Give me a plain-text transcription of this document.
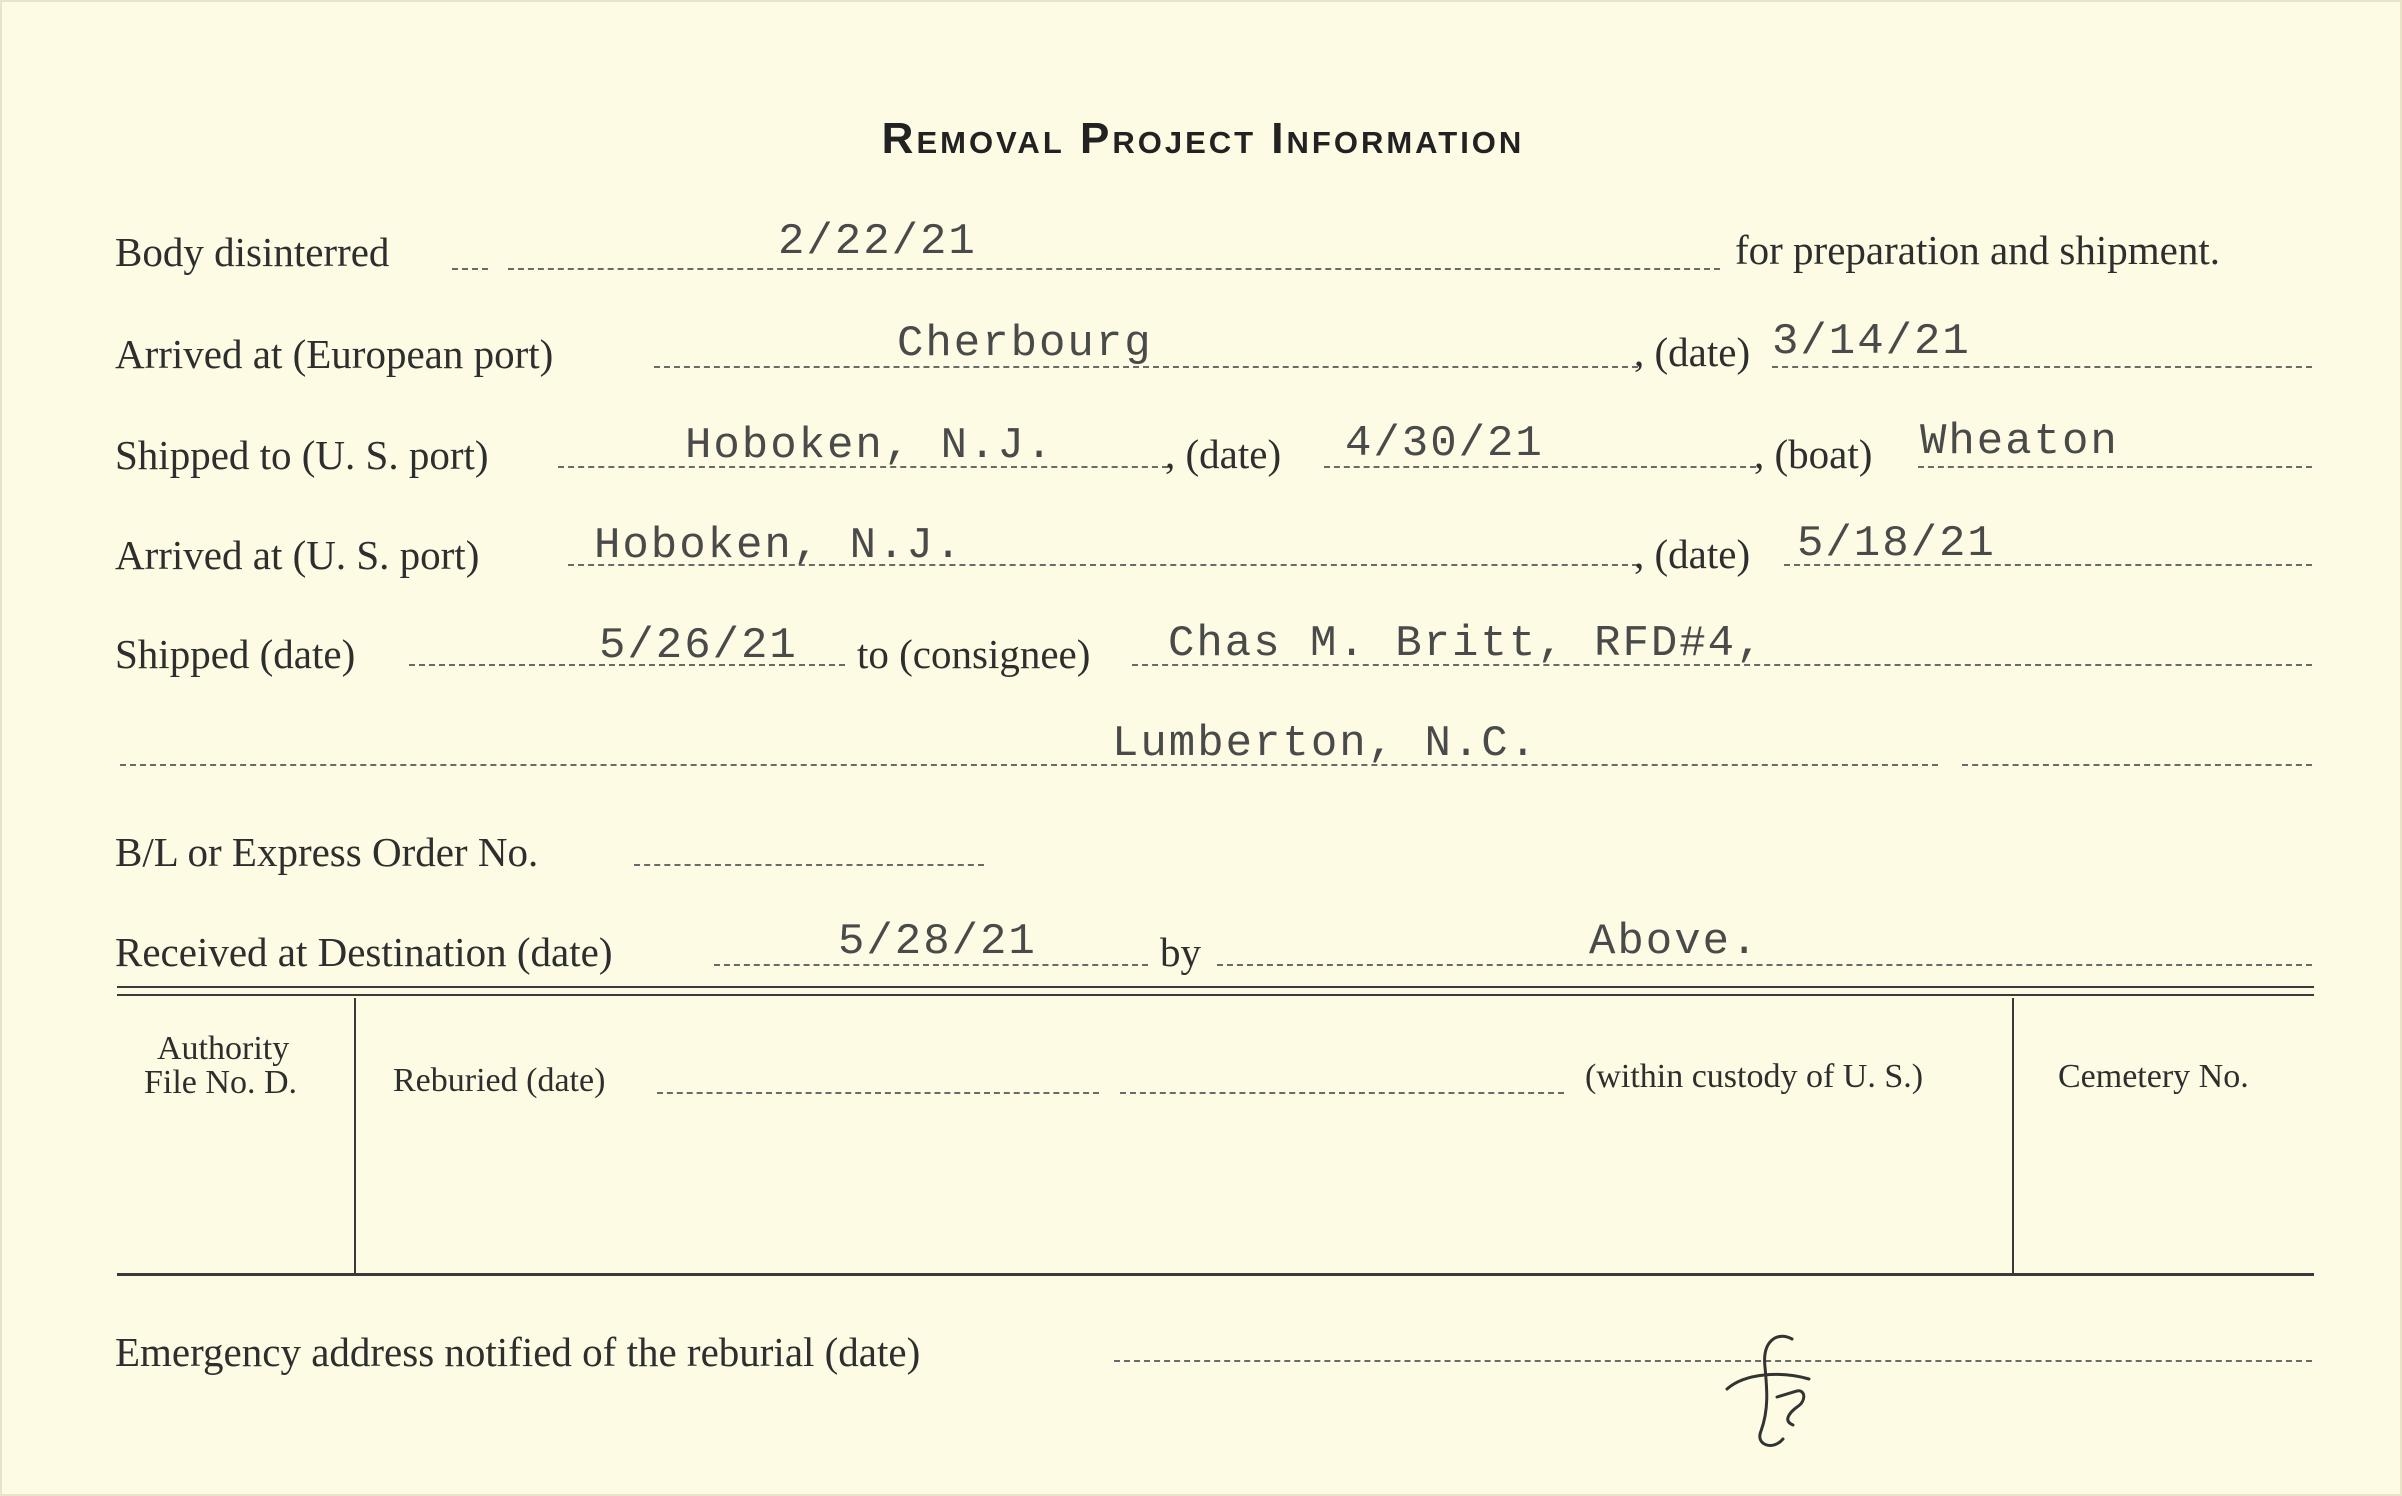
Removal Project Information
Body disinterred	2/22/21	for preparation and shipment.
Arrived at (European port)	Cherbourg	, (date) 3/14/21
Shipped to (U. S. port)	Hoboken, N.J.	, (date) 4/30/21	, (boat) Wheaton
Arrived at (U. S. port)	Hoboken, N.J.	, (date) 5/18/21
Shipped (date)	5/26/21 to (consignee) Chas M. Britt, RFD#4,
Lumberton, N.C.
B/L or Express Order No.
Received at Destination (date)	5/28/21	by	Above.
Authority
File No. D.	Reburied (date)	(within custody of U. S.)	Cemetery No.
Emergency address notified of the reburial (date)
